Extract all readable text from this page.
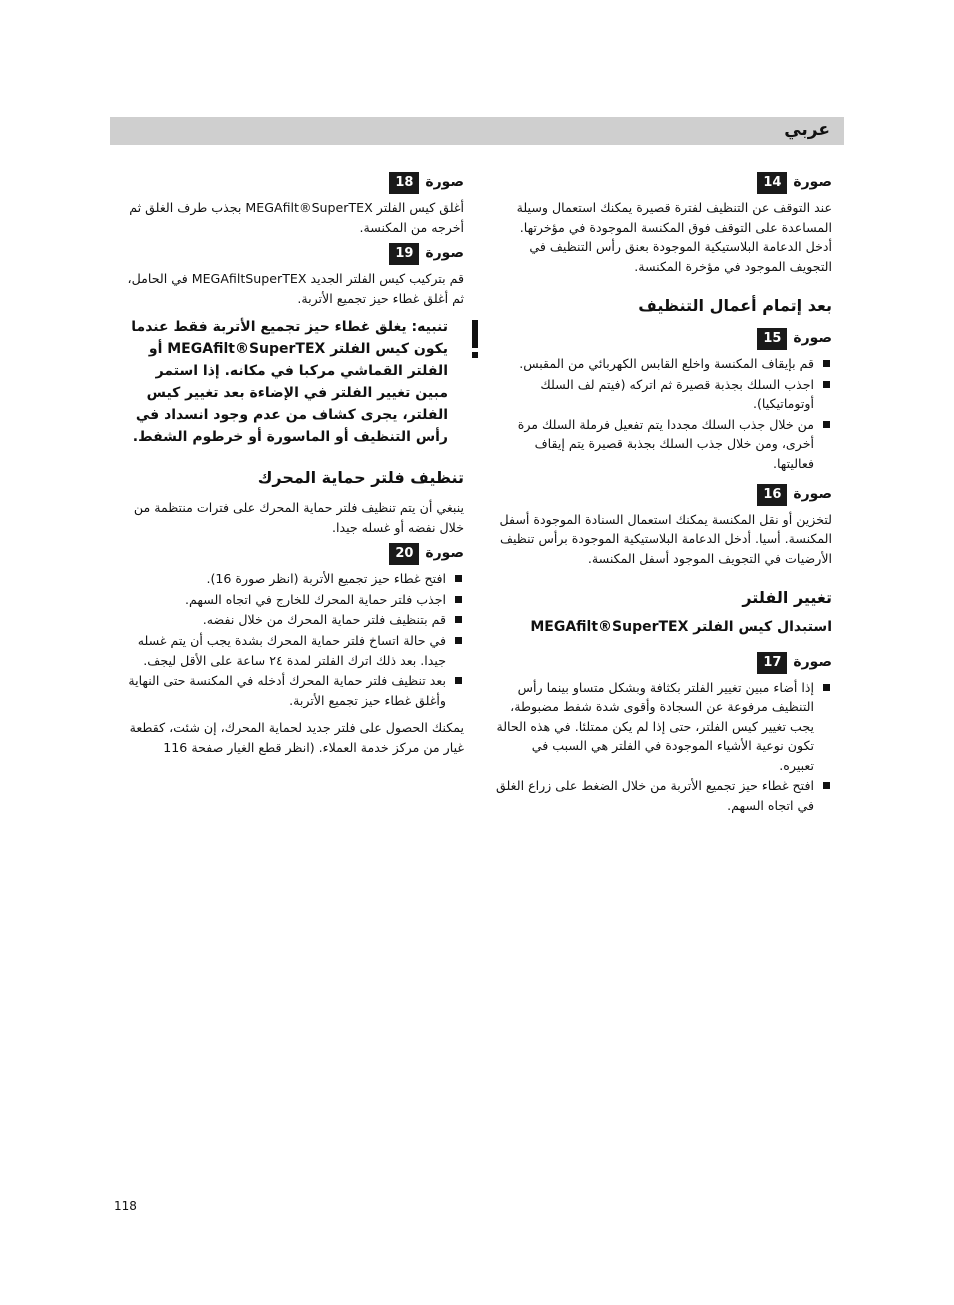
عربي
صورة
14

عند التوقف عن التنظيف لفترة قصيرة يمكنك استعمال وسيلة المساعدة على التوقف فوق المكنسة الموجودة في مؤخرتها. أدخل الدعامة البلاستيكية الموجودة بعنق رأس التنظيف في التجويف الموجود في مؤخرة المكنسة.

بعد إتمام أعمال التنظيف
صورة
15
قم بإيقاف المكنسة واخلع القابس الكهربائي من المقبس.
اجذب السلك بجذبة قصيرة ثم اتركه (فيتم لف السلك أوتوماتيكيا).
من خلال جذب السلك مجددا يتم تفعيل فرملة السلك مرة أخرى، ومن خلال جذب السلك بجذبة قصيرة يتم إيقاف فعاليتها.
صورة
16

لتخزين أو نقل المكنسة يمكنك استعمال السنادة الموجودة أسفل المكنسة. أسيا. أدخل الدعامة البلاستيكية الموجودة برأس تنظيف الأرضيات في التجويف الموجود أسفل المكنسة.

تغيير الفلتر
استبدال كيس الفلتر MEGAfilt®SuperTEX
صورة
17
إذا أضاء مبين تغيير الفلتر بكثافة وبشكل متساو بينما رأس التنظيف مرفوعة عن السجادة وأقوى شدة شفط مضبوطة، يجب تغيير كيس الفلتر، حتى إذا لم يكن ممتلئا. في هذه الحالة تكون نوعية الأشياء الموجودة في الفلتر هي السبب في تعبيره.
افتح غطاء حيز تجميع الأتربة من خلال الضغط على زراع الغلق في اتجاه السهم.
صورة
18

أغلق كيس الفلتر MEGAfilt®SuperTEX بجذب طرف الغلق ثم أخرجه من المكنسة.

صورة
19

قم بتركيب كيس الفلتر الجديد MEGAfiltSuperTEX في الحامل، ثم أغلق غطاء حيز تجميع الأتربة.

تنبيه: يغلق غطاء حيز تجميع الأتربة فقط عندما يكون كيس الفلتر MEGAfilt®SuperTEX أو الفلتر القماشي مركبا في مكانه. إذا استمر مبين تغيير الفلتر في الإضاءة بعد تغيير كيس الفلتر، يجرى كشاف من عدم وجود انسداد في رأس التنظيف أو الماسورة أو خرطوم الشفط.
تنظيف فلتر حماية المحرك

ينبغي أن يتم تنظيف فلتر حماية المحرك على فترات منتظمة من خلال نفضه أو غسله جيدا.

صورة
20
افتح غطاء حيز تجميع الأتربة (انظر صورة 16).
اجذب فلتر حماية المحرك للخارج في اتجاه السهم.
قم بتنظيف فلتر حماية المحرك من خلال نفضه.
في حالة اتساخ فلتر حماية المحرك بشدة يجب أن يتم غسله جيدا. بعد ذلك اترك الفلتر لمدة ٢٤ ساعة على الأقل ليجف.
بعد تنظيف فلتر حماية المحرك أدخله في المكنسة حتى النهاية وأغلق غطاء حيز تجميع الأتربة.

يمكنك الحصول على فلتر جديد لحماية المحرك، إن شئت، كقطعة غيار من مركز خدمة العملاء. (انظر قطع الغيار صفحة 116

118
